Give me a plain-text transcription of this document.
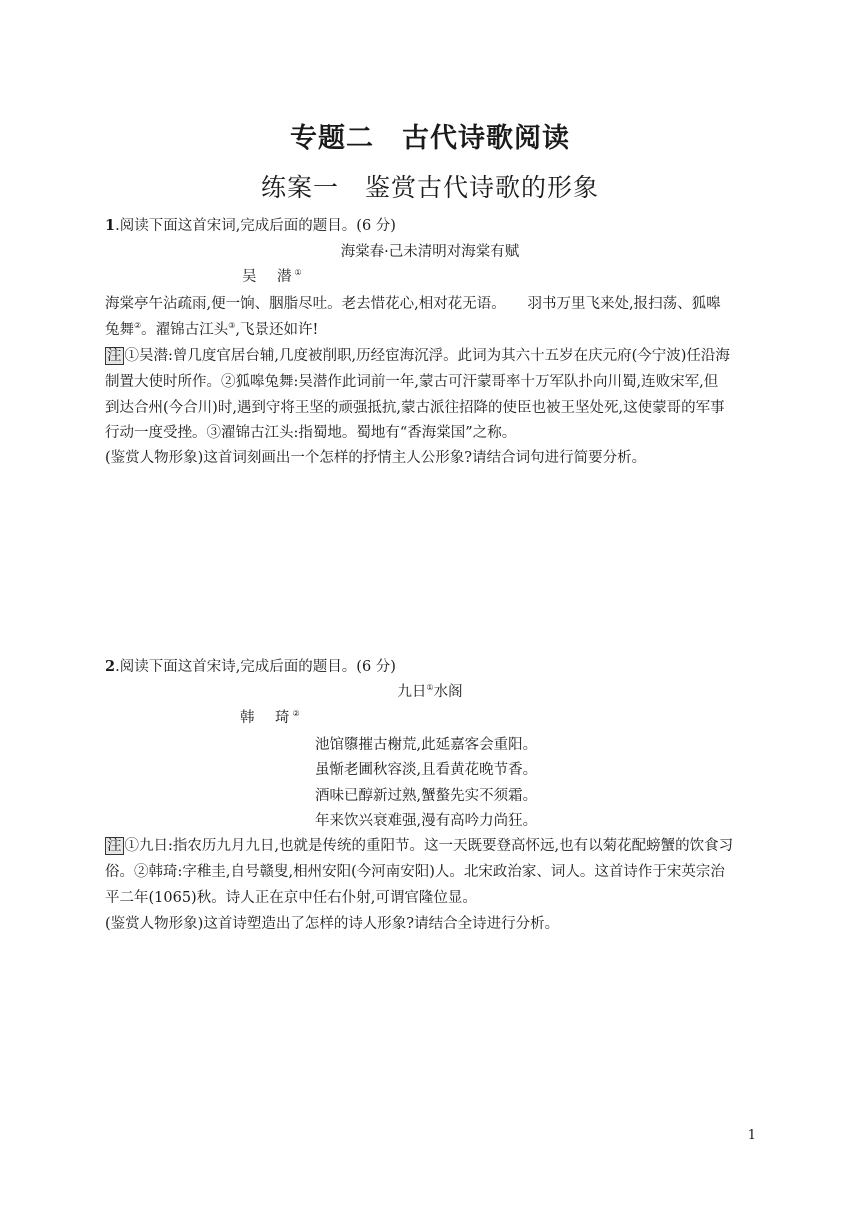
专题二　古代诗歌阅读
练案一　鉴赏古代诗歌的形象
1.阅读下面这首宋词,完成后面的题目。(6 分)
海棠春·己未清明对海棠有赋
吴　潜①
海棠亭午沾疏雨,便一饷、胭脂尽吐。老去惜花心,相对花无语。　　羽书万里飞来处,报扫荡、狐嗥
兔舞②。濯锦古江头③,飞景还如许!
注 ①吴潜:曾几度官居台辅,几度被削职,历经宦海沉浮。此词为其六十五岁在庆元府(今宁波)任沿海
制置大使时所作。②狐嗥兔舞:吴潜作此词前一年,蒙古可汗蒙哥率十万军队扑向川蜀,连败宋军,但
到达合州(今合川)时,遇到守将王坚的顽强抵抗,蒙古派往招降的使臣也被王坚处死,这使蒙哥的军事
行动一度受挫。③濯锦古江头:指蜀地。蜀地有“香海棠国”之称。
(鉴赏人物形象)这首词刻画出一个怎样的抒情主人公形象?请结合词句进行简要分析。
2.阅读下面这首宋诗,完成后面的题目。(6 分)
九日①水阁
韩　琦②
池馆隳摧古榭荒,此延嘉客会重阳。
虽惭老圃秋容淡,且看黄花晚节香。
酒味已醇新过熟,蟹螯先实不须霜。
年来饮兴衰难强,漫有高吟力尚狂。
注 ①九日:指农历九月九日,也就是传统的重阳节。这一天既要登高怀远,也有以菊花配螃蟹的饮食习
俗。②韩琦:字稚圭,自号赣叟,相州安阳(今河南安阳)人。北宋政治家、词人。这首诗作于宋英宗治
平二年(1065)秋。诗人正在京中任右仆射,可谓官隆位显。
(鉴赏人物形象)这首诗塑造出了怎样的诗人形象?请结合全诗进行分析。
1
